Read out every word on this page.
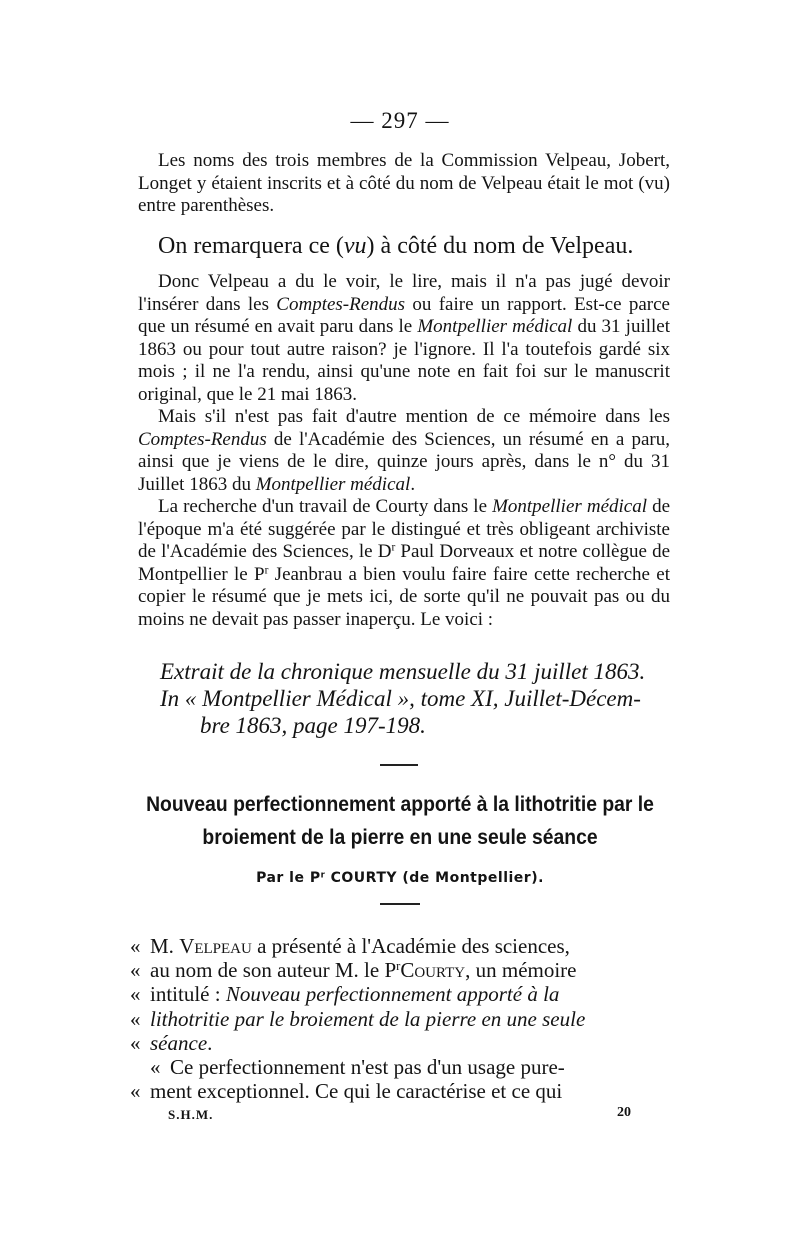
— 297 —

Les noms des trois membres de la Commission Velpeau, Jobert, Longet y étaient inscrits et à côté du nom de Velpeau était le mot (vu) entre parenthèses.

On remarquera ce (vu) à côté du nom de Velpeau.

Donc Velpeau a du le voir, le lire, mais il n'a pas jugé devoir l'insérer dans les Comptes-Rendus ou faire un rapport. Est-ce parce que un résumé en avait paru dans le Montpellier médical du 31 juillet 1863 ou pour tout autre raison? je l'ignore. Il l'a toutefois gardé six mois ; il ne l'a rendu, ainsi qu'une note en fait foi sur le manuscrit original, que le 21 mai 1863.

Mais s'il n'est pas fait d'autre mention de ce mémoire dans les Comptes-Rendus de l'Académie des Sciences, un résumé en a paru, ainsi que je viens de le dire, quinze jours après, dans le n° du 31 Juillet 1863 du Montpellier médical.

La recherche d'un travail de Courty dans le Montpellier médical de l'époque m'a été suggérée par le distingué et très obligeant archiviste de l'Académie des Sciences, le $D^r$ Paul Dorveaux et notre collègue de Montpellier le $P^r$ Jeanbrau a bien voulu faire faire cette recherche et copier le résumé que je mets ici, de sorte qu'il ne pouvait pas ou du moins ne devait pas passer inaperçu. Le voici :

Extrait de la chronique mensuelle du 31 juillet 1863.
In « Montpellier Médical », tome XI, Juillet-Décem-
bre 1863, page 197-198.
Nouveau perfectionnement apporté à la lithotritie par le
broiement de la pierre en une seule séance
Par le $P^r$ COURTY (de Montpellier).
« M. Velpeau a présenté à l'Académie des sciences,
« au nom de son auteur M. le $P^rCourty$, un mémoire
« intitulé : Nouveau perfectionnement apporté à la
« lithotritie par le broiement de la pierre en une seule
« séance.
« Ce perfectionnement n'est pas d'un usage pure-
« ment exceptionnel. Ce qui le caractérise et ce qui
S.H.M.	20
